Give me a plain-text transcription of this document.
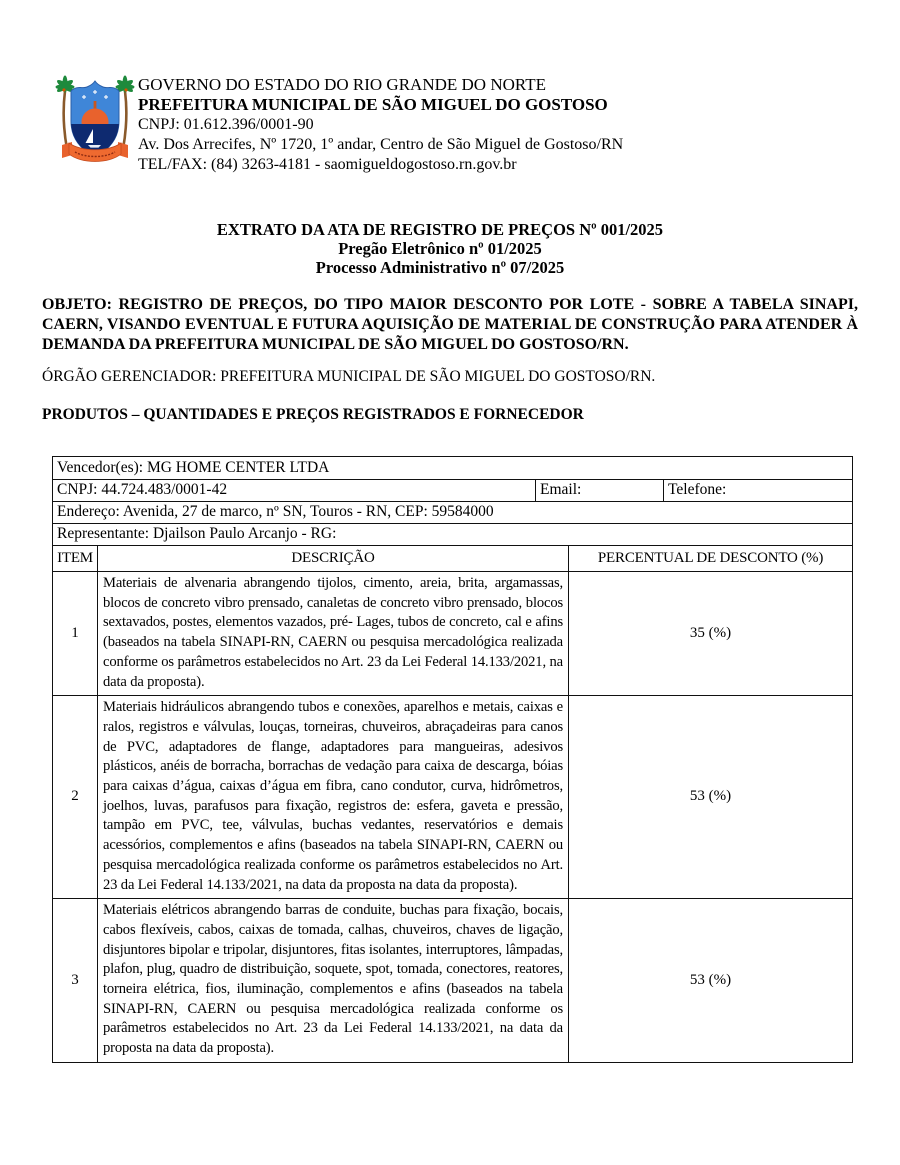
GOVERNO DO ESTADO DO RIO GRANDE DO NORTE
PREFEITURA MUNICIPAL DE SÃO MIGUEL DO GOSTOSO
CNPJ: 01.612.396/0001-90
Av. Dos Arrecifes, Nº 1720, 1º andar, Centro de São Miguel de Gostoso/RN
TEL/FAX: (84) 3263-4181 - saomigueldogostoso.rn.gov.br
EXTRATO DA ATA DE REGISTRO DE PREÇOS Nº 001/2025
Pregão Eletrônico nº 01/2025
Processo Administrativo nº 07/2025
OBJETO: REGISTRO DE PREÇOS, DO TIPO MAIOR DESCONTO POR LOTE - SOBRE A TABELA SINAPI,
CAERN, VISANDO EVENTUAL E FUTURA AQUISIÇÃO DE MATERIAL DE CONSTRUÇÃO PARA ATENDER À
DEMANDA DA PREFEITURA MUNICIPAL DE SÃO MIGUEL DO GOSTOSO/RN.
ÓRGÃO GERENCIADOR: PREFEITURA MUNICIPAL DE SÃO MIGUEL DO GOSTOSO/RN.
PRODUTOS – QUANTIDADES E PREÇOS REGISTRADOS E FORNECEDOR
Vencedor(es): MG HOME CENTER LTDA				
CNPJ: 44.724.483/0001-42		Email:		Telefone:
Endereço: Avenida, 27 de marco, nº SN, Touros - RN, CEP: 59584000				
Representante: Djailson Paulo Arcanjo - RG:				
ITEM	DESCRIÇÃO		PERCENTUAL DE DESCONTO (%)	
1	Materiais de alvenaria abrangendo tijolos, cimento, areia, brita, argamassas, blocos de concreto vibro prensado, canaletas de concreto vibro prensado, blocos sextavados, postes, elementos vazados, pré- Lages, tubos de concreto, cal e afins (baseados na tabela SINAPI-RN, CAERN ou pesquisa mercadológica realizada conforme os parâmetros estabelecidos no Art. 23 da Lei Federal 14.133/2021, na data da proposta).		35 (%)	
2	Materiais hidráulicos abrangendo tubos e conexões, aparelhos e metais, caixas e ralos, registros e válvulas, louças, torneiras, chuveiros, abraçadeiras para canos de PVC, adaptadores de flange, adaptadores para mangueiras, adesivos plásticos, anéis de borracha, borrachas de vedação para caixa de descarga, bóias para caixas d’água, caixas d’água em fibra, cano condutor, curva, hidrômetros, joelhos, luvas, parafusos para fixação, registros de: esfera, gaveta e pressão, tampão em PVC, tee, válvulas, buchas vedantes, reservatórios e demais acessórios, complementos e afins (baseados na tabela SINAPI-RN, CAERN ou pesquisa mercadológica realizada conforme os parâmetros estabelecidos no Art. 23 da Lei Federal 14.133/2021, na data da proposta na data da proposta).		53 (%)	
3	Materiais elétricos abrangendo barras de conduite, buchas para fixação, bocais, cabos flexíveis, cabos, caixas de tomada, calhas, chuveiros, chaves de ligação, disjuntores bipolar e tripolar, disjuntores, fitas isolantes, interruptores, lâmpadas, plafon, plug, quadro de distribuição, soquete, spot, tomada, conectores, reatores, torneira elétrica, fios, iluminação, complementos e afins (baseados na tabela SINAPI-RN, CAERN ou pesquisa mercadológica realizada conforme os parâmetros estabelecidos no Art. 23 da Lei Federal 14.133/2021, na data da proposta na data da proposta).		53 (%)	
